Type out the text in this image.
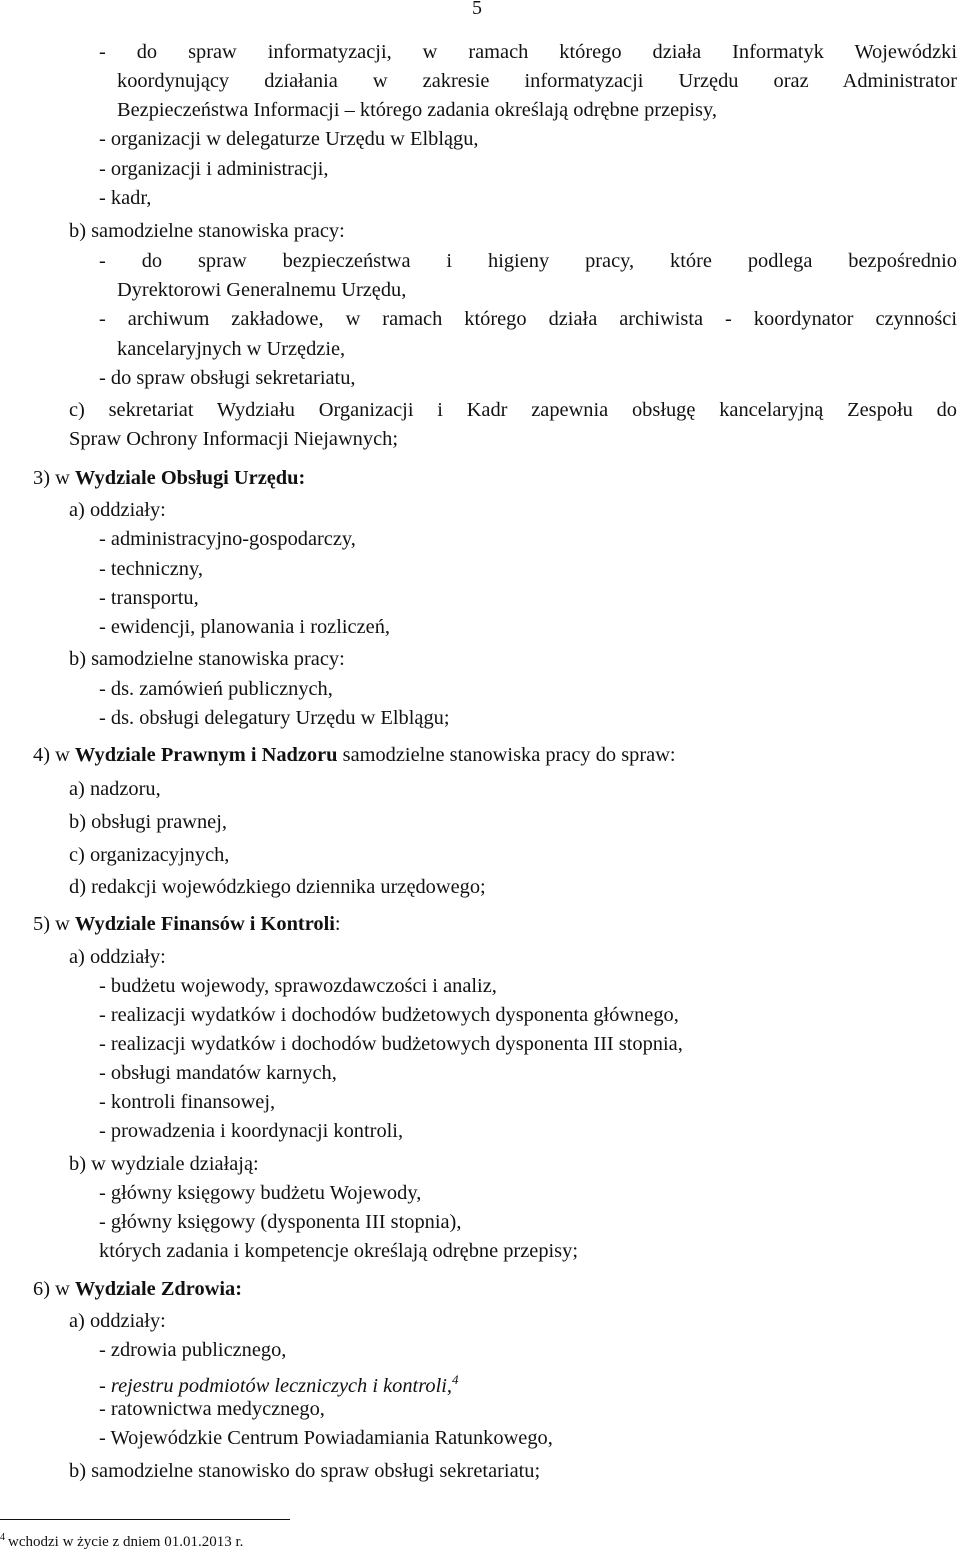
5
- do spraw informatyzacji, w ramach którego działa Informatyk Wojewódzki
koordynujący działania w zakresie informatyzacji Urzędu oraz Administrator
Bezpieczeństwa Informacji – którego zadania określają odrębne przepisy,
- organizacji w delegaturze Urzędu w Elblągu,
- organizacji i administracji,
- kadr,
b) samodzielne stanowiska pracy:
- do spraw bezpieczeństwa i higieny pracy, które podlega bezpośrednio
Dyrektorowi Generalnemu Urzędu,
- archiwum zakładowe, w ramach którego działa archiwista - koordynator czynności
kancelaryjnych w Urzędzie,
- do spraw obsługi sekretariatu,
c) sekretariat Wydziału Organizacji i Kadr zapewnia obsługę kancelaryjną Zespołu do
Spraw Ochrony Informacji Niejawnych;
3) w Wydziale Obsługi Urzędu:
a) oddziały:
- administracyjno-gospodarczy,
- techniczny,
- transportu,
- ewidencji, planowania i rozliczeń,
b) samodzielne stanowiska pracy:
- ds. zamówień publicznych,
- ds. obsługi delegatury Urzędu w Elblągu;
4) w Wydziale Prawnym i Nadzoru samodzielne stanowiska pracy do spraw:
a) nadzoru,
b) obsługi prawnej,
c) organizacyjnych,
d) redakcji wojewódzkiego dziennika urzędowego;
5) w Wydziale Finansów i Kontroli:
a) oddziały:
- budżetu wojewody, sprawozdawczości i analiz,
- realizacji wydatków i dochodów budżetowych dysponenta głównego,
- realizacji wydatków i dochodów budżetowych dysponenta III stopnia,
- obsługi mandatów karnych,
- kontroli finansowej,
- prowadzenia i koordynacji kontroli,
b) w wydziale działają:
- główny księgowy budżetu Wojewody,
- główny księgowy (dysponenta III stopnia),
których zadania i kompetencje określają odrębne przepisy;
6) w Wydziale Zdrowia:
a) oddziały:
- zdrowia publicznego,
- rejestru podmiotów leczniczych i kontroli,$^4$
- ratownictwa medycznego,
- Wojewódzkie Centrum Powiadamiania Ratunkowego,
b) samodzielne stanowisko do spraw obsługi sekretariatu;
$^4$ wchodzi w życie z dniem 01.01.2013 r.
